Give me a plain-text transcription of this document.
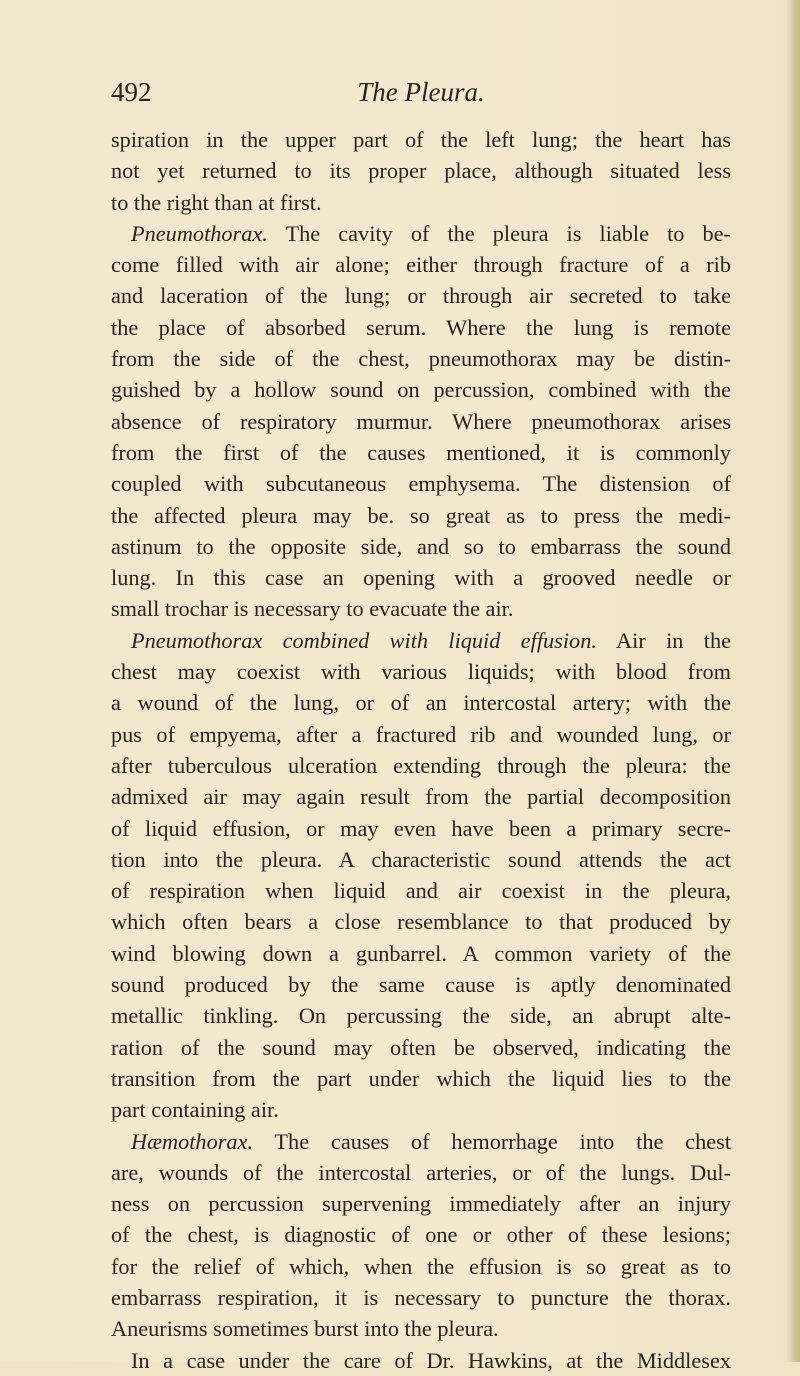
492	The Pleura.
spiration in the upper part of the left lung; the heart has
not yet returned to its proper place, although situated less
to the right than at first.
Pneumothorax. The cavity of the pleura is liable to be-
come filled with air alone; either through fracture of a rib
and laceration of the lung; or through air secreted to take
the place of absorbed serum. Where the lung is remote
from the side of the chest, pneumothorax may be distin-
guished by a hollow sound on percussion, combined with the
absence of respiratory murmur. Where pneumothorax arises
from the first of the causes mentioned, it is commonly
coupled with subcutaneous emphysema. The distension of
the affected pleura may be. so great as to press the medi-
astinum to the opposite side, and so to embarrass the sound
lung. In this case an opening with a grooved needle or
small trochar is necessary to evacuate the air.
Pneumothorax combined with liquid effusion. Air in the
chest may coexist with various liquids; with blood from
a wound of the lung, or of an intercostal artery; with the
pus of empyema, after a fractured rib and wounded lung, or
after tuberculous ulceration extending through the pleura: the
admixed air may again result from the partial decomposition
of liquid effusion, or may even have been a primary secre-
tion into the pleura. A characteristic sound attends the act
of respiration when liquid and air coexist in the pleura,
which often bears a close resemblance to that produced by
wind blowing down a gunbarrel. A common variety of the
sound produced by the same cause is aptly denominated
metallic tinkling. On percussing the side, an abrupt alte-
ration of the sound may often be observed, indicating the
transition from the part under which the liquid lies to the
part containing air.
Hæmothorax. The causes of hemorrhage into the chest
are, wounds of the intercostal arteries, or of the lungs. Dul-
ness on percussion supervening immediately after an injury
of the chest, is diagnostic of one or other of these lesions;
for the relief of which, when the effusion is so great as to
embarrass respiration, it is necessary to puncture the thorax.
Aneurisms sometimes burst into the pleura.
In a case under the care of Dr. Hawkins, at the Middlesex
